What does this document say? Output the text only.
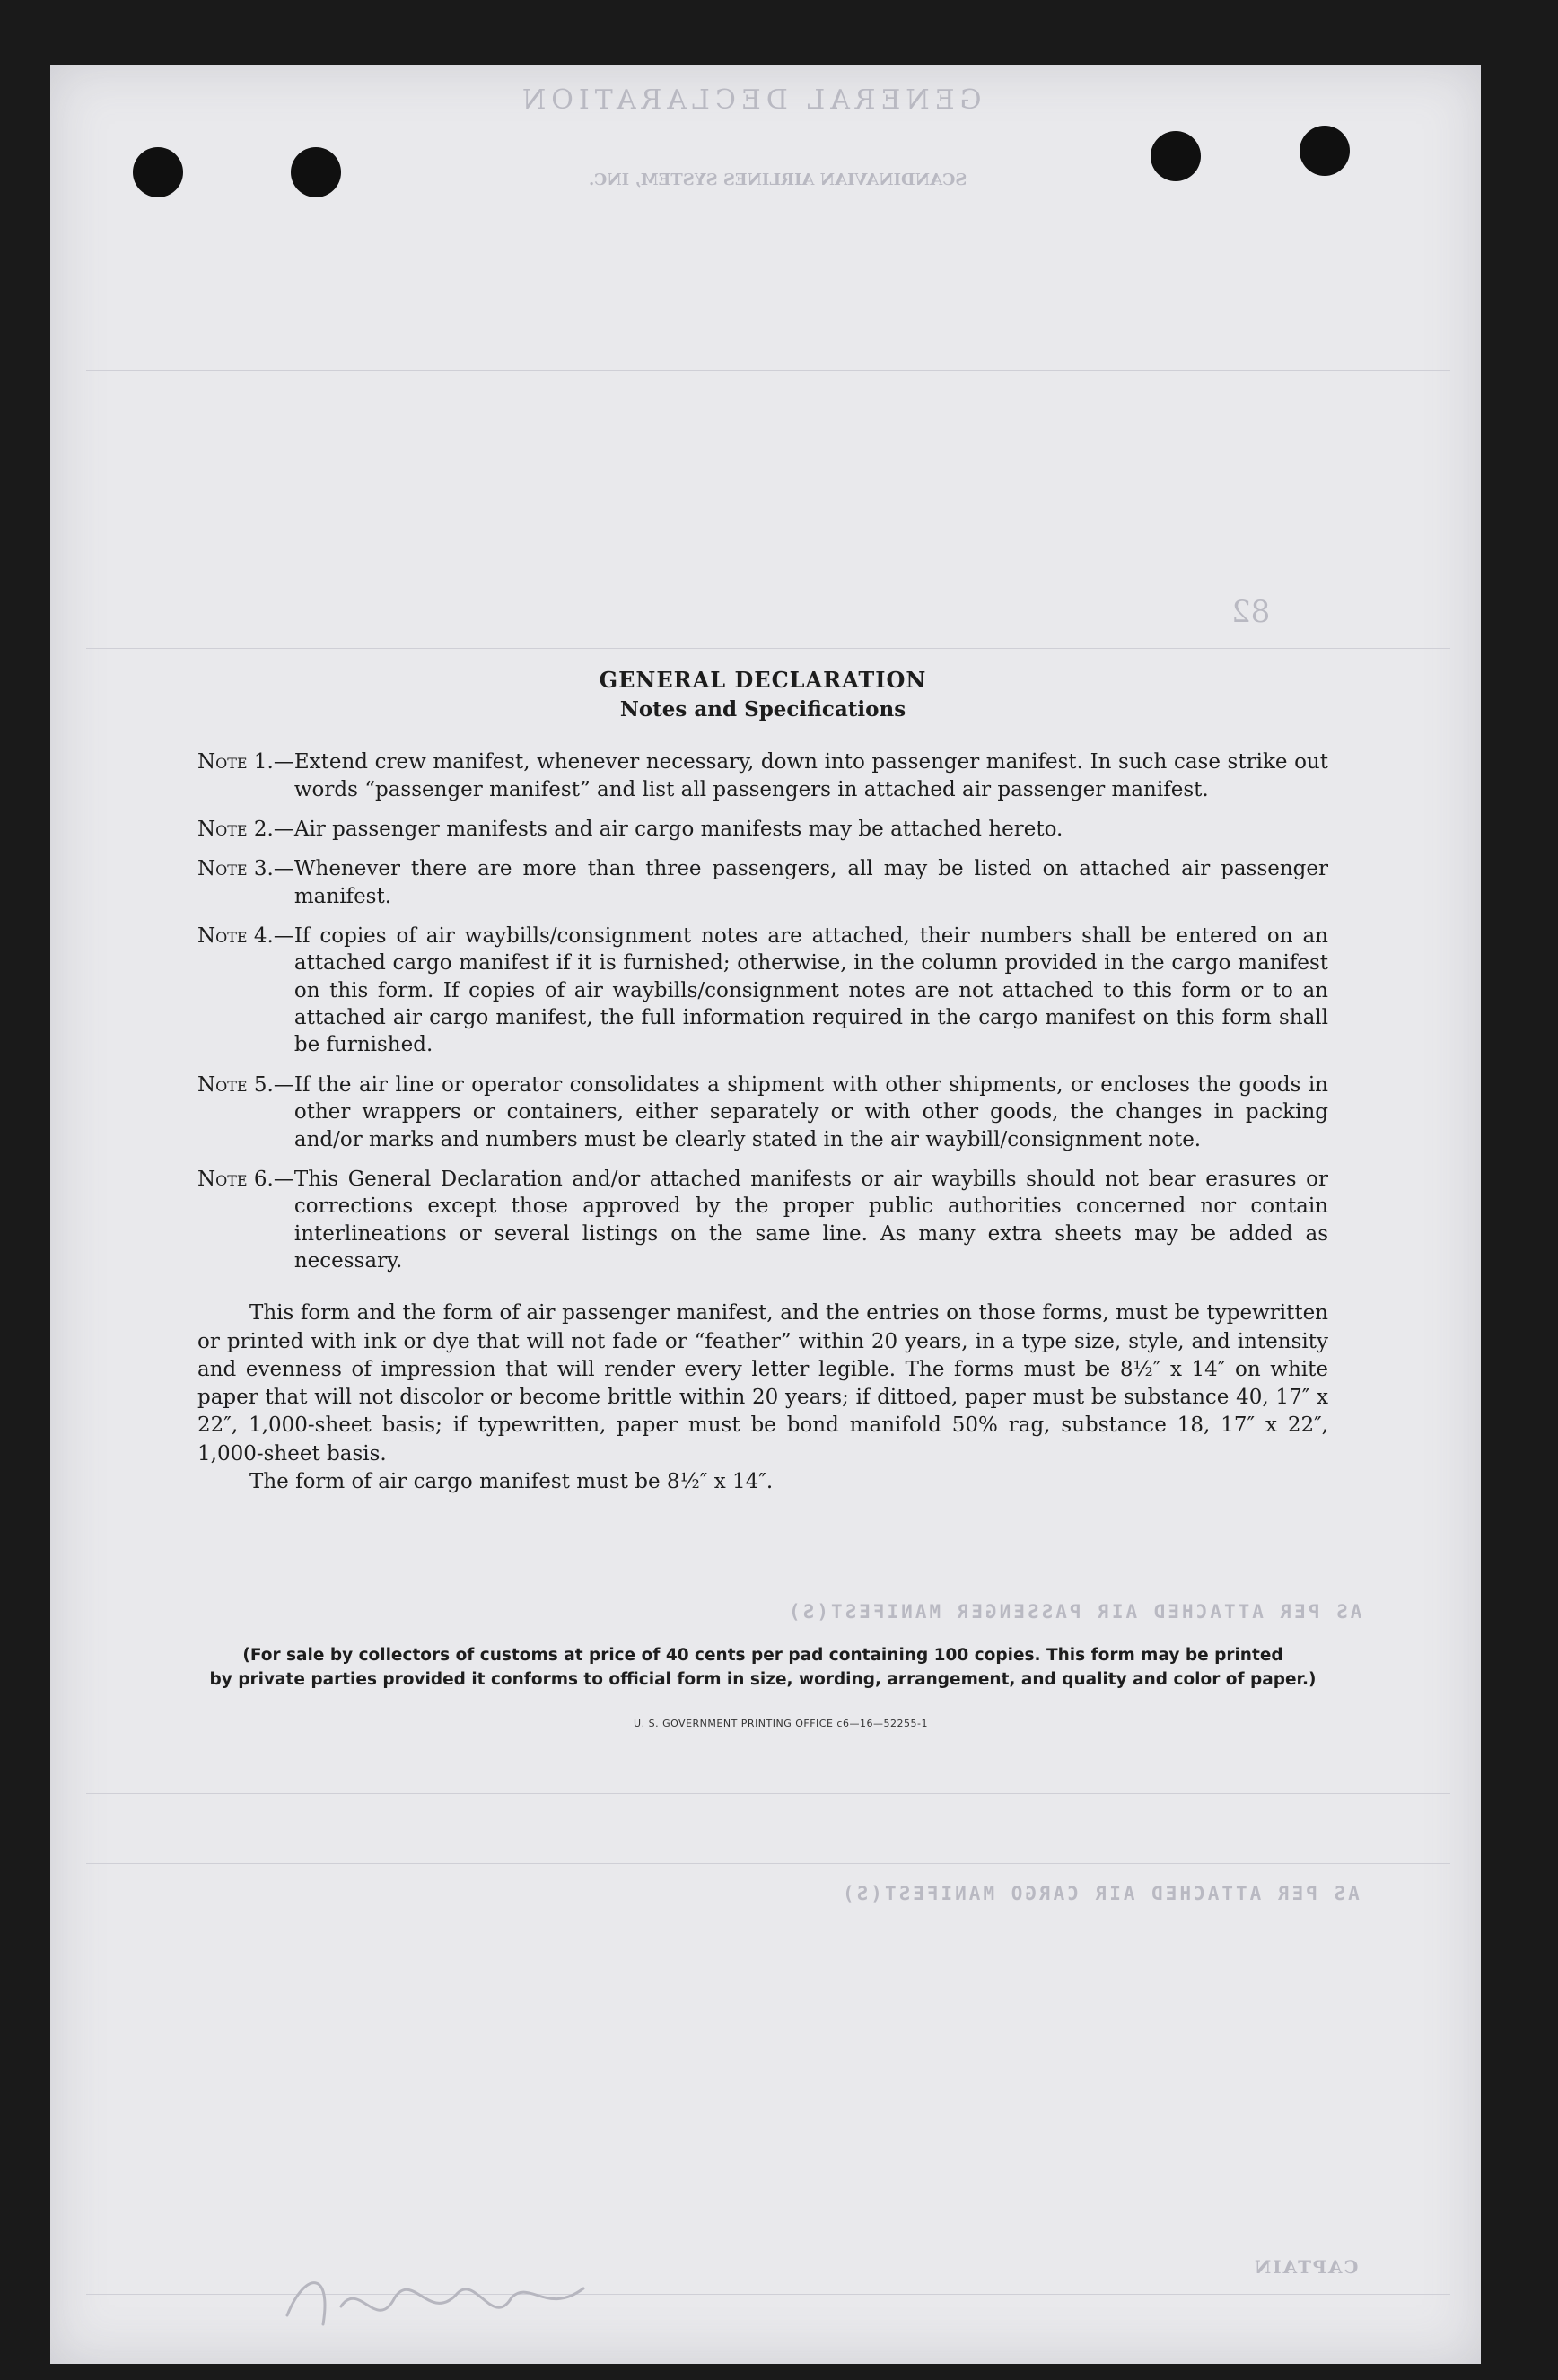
GENERAL DECLARATION
SCANDINAVIAN AIRLINES SYSTEM, INC.
82
AS PER ATTACHED AIR PASSENGER MANIFEST(S)
AS PER ATTACHED AIR CARGO MANIFEST(S)
CAPTAIN
GENERAL DECLARATION
Notes and Specifications
Note 1.— Extend crew manifest, whenever necessary, down into passenger manifest. In such case strike out words “passenger manifest” and list all passengers in attached air passenger manifest.
Note 2.— Air passenger manifests and air cargo manifests may be attached hereto.
Note 3.— Whenever there are more than three passengers, all may be listed on attached air passenger manifest.
Note 4.— If copies of air waybills/consignment notes are attached, their numbers shall be entered on an attached cargo manifest if it is furnished; otherwise, in the column provided in the cargo manifest on this form. If copies of air waybills/consignment notes are not attached to this form or to an attached air cargo manifest, the full information required in the cargo manifest on this form shall be furnished.
Note 5.— If the air line or operator consolidates a shipment with other shipments, or encloses the goods in other wrappers or containers, either separately or with other goods, the changes in packing and/or marks and numbers must be clearly stated in the air waybill/consignment note.
Note 6.— This General Declaration and/or attached manifests or air waybills should not bear erasures or corrections except those approved by the proper public authorities concerned nor contain interlineations or several listings on the same line. As many extra sheets may be added as necessary.

This form and the form of air passenger manifest, and the entries on those forms, must be typewritten or printed with ink or dye that will not fade or “feather” within 20 years, in a type size, style, and intensity and evenness of impression that will render every letter legible. The forms must be 8½″ x 14″ on white paper that will not discolor or become brittle within 20 years; if dittoed, paper must be substance 40, 17″ x 22″, 1,000-sheet basis; if typewritten, paper must be bond manifold 50% rag, substance 18, 17″ x 22″, 1,000-sheet basis.

The form of air cargo manifest must be 8½″ x 14″.

(For sale by collectors of customs at price of 40 cents per pad containing 100 copies. This form may be printed
by private parties provided it conforms to official form in size, wording, arrangement, and quality and color of paper.)
U. S. GOVERNMENT PRINTING OFFICE c6—16—52255-1
